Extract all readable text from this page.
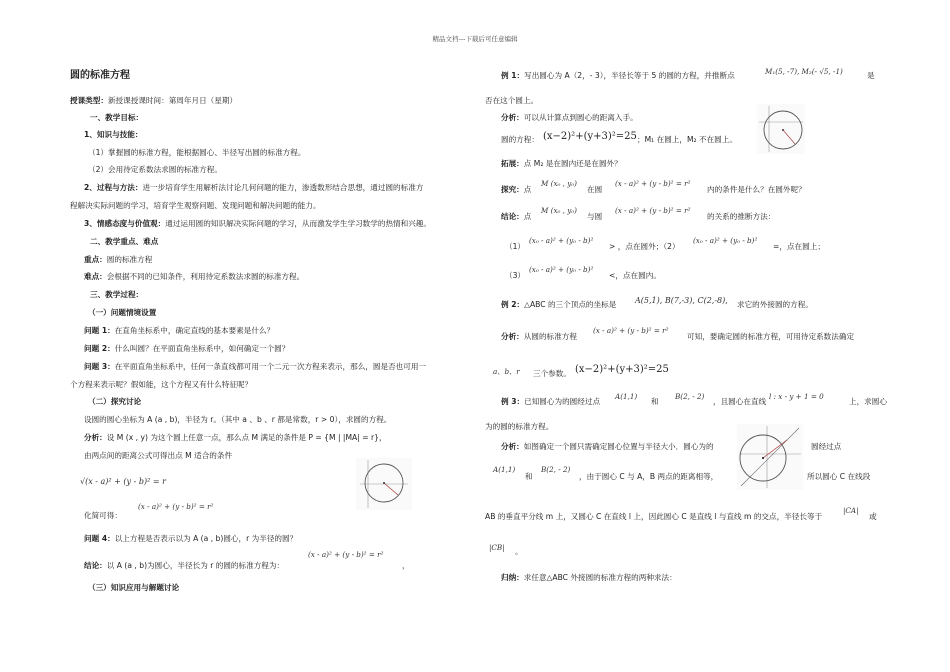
精品文档---下载后可任意编辑
圆的标准方程
授课类型：新授课授课时间：第周年月日（星期）
一、教学目标：
1、知识与技能：
（1）掌握圆的标准方程，能根据圆心、半径写出圆的标准方程。
（2）会用待定系数法求圆的标准方程。
2、过程与方法：进一步培育学生用解析法讨论几何问题的能力，渗透数形结合思想，通过圆的标准方
程解决实际问题的学习，培育学生观察问题、发现问题和解决问题的能力。
3、情感态度与价值观：通过运用圆的知识解决实际问题的学习，从而激发学生学习数学的热情和兴趣。
二、教学重点、难点
重点：圆的标准方程
难点：会根据不同的已知条件，利用待定系数法求圆的标准方程。
三、教学过程：
（一）问题情境设置
问题 1：在直角坐标系中，确定直线的基本要素是什么？
问题 2：什么叫圆？在平面直角坐标系中，如何确定一个圆？
问题 3：在平面直角坐标系中，任何一条直线都可用一个二元一次方程来表示，那么，圆是否也可用一
个方程来表示呢？假如能，这个方程又有什么特征呢？
（二）探究讨论
设圆的圆心坐标为 A (a , b)，半径为 r。（其中 a 、b 、r 都是常数，r > 0），求圆的方程。
分析：设 M (x , y) 为这个圆上任意一点，那么点 M 满足的条件是 P = {M | |MA| = r}，
由两点间的距离公式可得出点 M 适合的条件
√(x - a)² + (y - b)² = r
化简可得：
(x - a)² + (y - b)² = r²
问题 4：以上方程是否表示以为 A (a , b)圆心，r 为半径的圆？
(x - a)² + (y - b)² = r²
结论：以 A (a , b)为圆心，半径长为 r 的圆的标准方程为：	，
（三）知识应用与解题讨论
例 1：写出圆心为 A（2，- 3），半径长等于 5 的圆的方程，并推断点	M₁(5, -7), M₂(- √5, -1)	是
否在这个圆上。
分析：可以从计算点到圆心的距离入手。
圆的方程： (x−2)²+(y+3)²=25 ；M₁ 在圆上，M₂ 不在圆上。
拓展：点 M₂ 是在圆内还是在圆外？
探究：点
M (x₀ , y₀)
在圆
(x - a)² + (y - b)² = r²
内的条件是什么？在圆外呢？
结论：点
M (x₀ , y₀)
与圆
(x - a)² + (y - b)² = r²
的关系的推断方法：
（1）
(x₀ - a)² + (y₀ - b)²
> ，点在圆外；（2）
(x₀ - a)² + (y₀ - b)²
=，点在圆上；
（3）
(x₀ - a)² + (y₀ - b)²
<，点在圆内。
例 2：△ABC 的三个顶点的坐标是 A(5,1), B(7,-3), C(2,-8), 求它的外接圆的方程。
分析：从圆的标准方程
(x - a)² + (y - b)² = r²
可知，要确定圆的标准方程，可用待定系数法确定
a、b、r 三个参数。 (x−2)²+(y+3)²=25
例 3：已知圆心为的圆经过点
A(1,1)
和
B(2, - 2)
，且圆心在直线
l : x - y + 1 = 0
上，求圆心
为的圆的标准方程。
分析：如图确定一个圆只需确定圆心位置与半径大小．圆心为的	圆经过点
A(1,1)
和
B(2, - 2)
，由于圆心 C 与 A，B 两点的距离相等，	所以圆心 C 在线段
AB 的垂直平分线 m 上，又圆心 C 在直线 l 上，因此圆心 C 是直线 l 与直线 m 的交点，半径长等于
|CA|
或
|CB| 。
归纳：求任意△ABC 外接圆的标准方程的两种求法：
